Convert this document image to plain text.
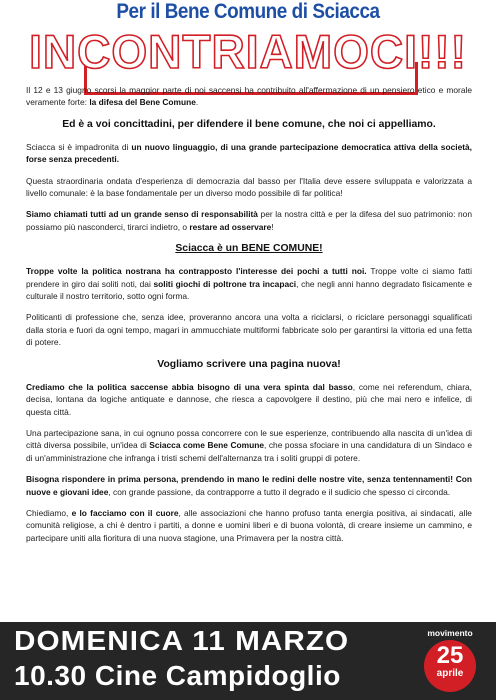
Per il Bene Comune di Sciacca
INCONTRIAMOCI!!!

Il 12 e 13 giugno scorsi la maggior parte di noi saccensi ha contribuito all'affermazione di un pensiero etico e morale veramente forte: la difesa del Bene Comune.

Ed è a voi concittadini, per difendere il bene comune, che noi ci appelliamo.

Sciacca si è impadronita di un nuovo linguaggio, di una grande partecipazione democratica attiva della società, forse senza precedenti.

Questa straordinaria ondata d'esperienza di democrazia dal basso per l'Italia deve essere sviluppata e valorizzata a livello comunale: è la base fondamentale per un diverso modo possibile di far politica!

Siamo chiamati tutti ad un grande senso di responsabilità per la nostra città e per la difesa del suo patrimonio: non possiamo più nasconderci, tirarci indietro, o restare ad osservare!

Sciacca è un BENE COMUNE!

Troppe volte la politica nostrana ha contrapposto l'interesse dei pochi a tutti noi. Troppe volte ci siamo fatti prendere in giro dai soliti noti, dai soliti giochi di poltrone tra incapaci, che negli anni hanno degradato fisicamente e culturale il nostro territorio, sotto ogni forma.

Politicanti di professione che, senza idee, proveranno ancora una volta a riciclarsi, o riciclare personaggi squalificati dalla storia e fuori da ogni tempo, magari in ammucchiate multiformi fabbricate solo per garantirsi la vittoria ed una fetta di potere.

Vogliamo scrivere una pagina nuova!

Crediamo che la politica saccense abbia bisogno di una vera spinta dal basso, come nei referendum, chiara, decisa, lontana da logiche antiquate e dannose, che riesca a capovolgere il destino, più che mai nero e infelice, di questa città.

Una partecipazione sana, in cui ognuno possa concorrere con le sue esperienze, contribuendo alla nascita di un'idea di città diversa possibile, un'idea di Sciacca come Bene Comune, che possa sfociare in una candidatura di un Sindaco e di un'amministrazione che infranga i tristi schemi dell'alternanza tra i soliti gruppi di potere.

Bisogna rispondere in prima persona, prendendo in mano le redini delle nostre vite, senza tentennamenti! Con nuove e giovani idee, con grande passione, da contrapporre a tutto il degrado e il sudicio che spesso ci circonda.

Chiediamo, e lo facciamo con il cuore, alle associazioni che hanno profuso tanta energia positiva, ai sindacati, alle comunità religiose, a chi è dentro i partiti, a donne e uomini liberi e di buona volontà, di creare insieme un cammino, e partecipare uniti alla fioritura di una nuova stagione, una Primavera per la nostra città.

DOMENICA 11 MARZO
10.30 Cine Campidoglio
movimento
25
aprile
